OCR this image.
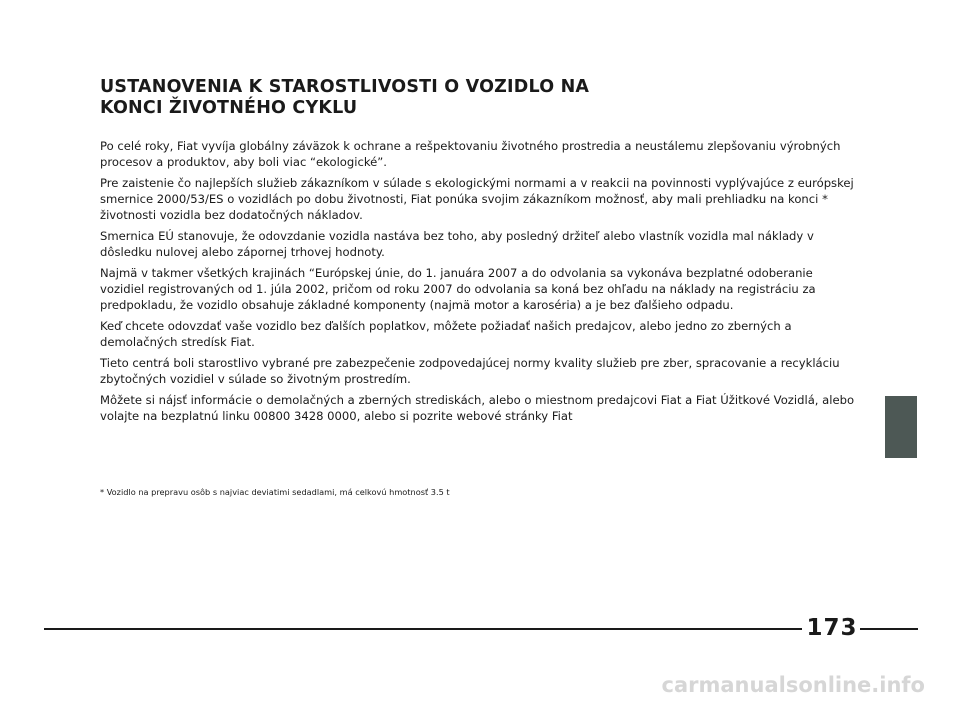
USTANOVENIA K STAROSTLIVOSTI O VOZIDLO NA
KONCI ŽIVOTNÉHO CYKLU

Po celé roky, Fiat vyvíja globálny záväzok k ochrane a rešpektovaniu životného prostredia a neustálemu zlepšovaniu výrobných procesov a produktov, aby boli viac “ekologické”.

Pre zaistenie čo najlepších služieb zákazníkom v súlade s ekologickými normami a v reakcii na povinnosti vyplývajúce z európskej smernice 2000/53/ES o vozidlách po dobu životnosti, Fiat ponúka svojim zákazníkom možnosť, aby mali prehliadku na konci * životnosti vozidla bez dodatočných nákladov.

Smernica EÚ stanovuje, že odovzdanie vozidla nastáva bez toho, aby posledný držiteľ alebo vlastník vozidla mal náklady v dôsledku nulovej alebo zápornej trhovej hodnoty.

Najmä v takmer všetkých krajinách “Európskej únie, do 1. januára 2007 a do odvolania sa vykonáva bezplatné odoberanie vozidiel registrovaných od 1. júla 2002, pričom od roku 2007 do odvolania sa koná bez ohľadu na náklady na registráciu za predpokladu, že vozidlo obsahuje základné komponenty (najmä motor a karoséria) a je bez ďalšieho odpadu.

Keď chcete odovzdať vaše vozidlo bez ďalších poplatkov, môžete požiadať našich predajcov, alebo jedno zo zberných a demolačných stredísk Fiat.

Tieto centrá boli starostlivo vybrané pre zabezpečenie zodpovedajúcej normy kvality služieb pre zber, spracovanie a recykláciu zbytočných vozidiel v súlade so životným prostredím.

Môžete si nájsť informácie o demolačných a zberných strediskách, alebo o miestnom predajcovi Fiat a Fiat Úžitkové Vozidlá, alebo volajte na bezplatnú linku 00800 3428 0000, alebo si pozrite webové stránky Fiat

* Vozidlo na prepravu osôb s najviac deviatimi sedadlami, má celkovú hmotnosť 3.5 t
173
carmanualsonline.info
